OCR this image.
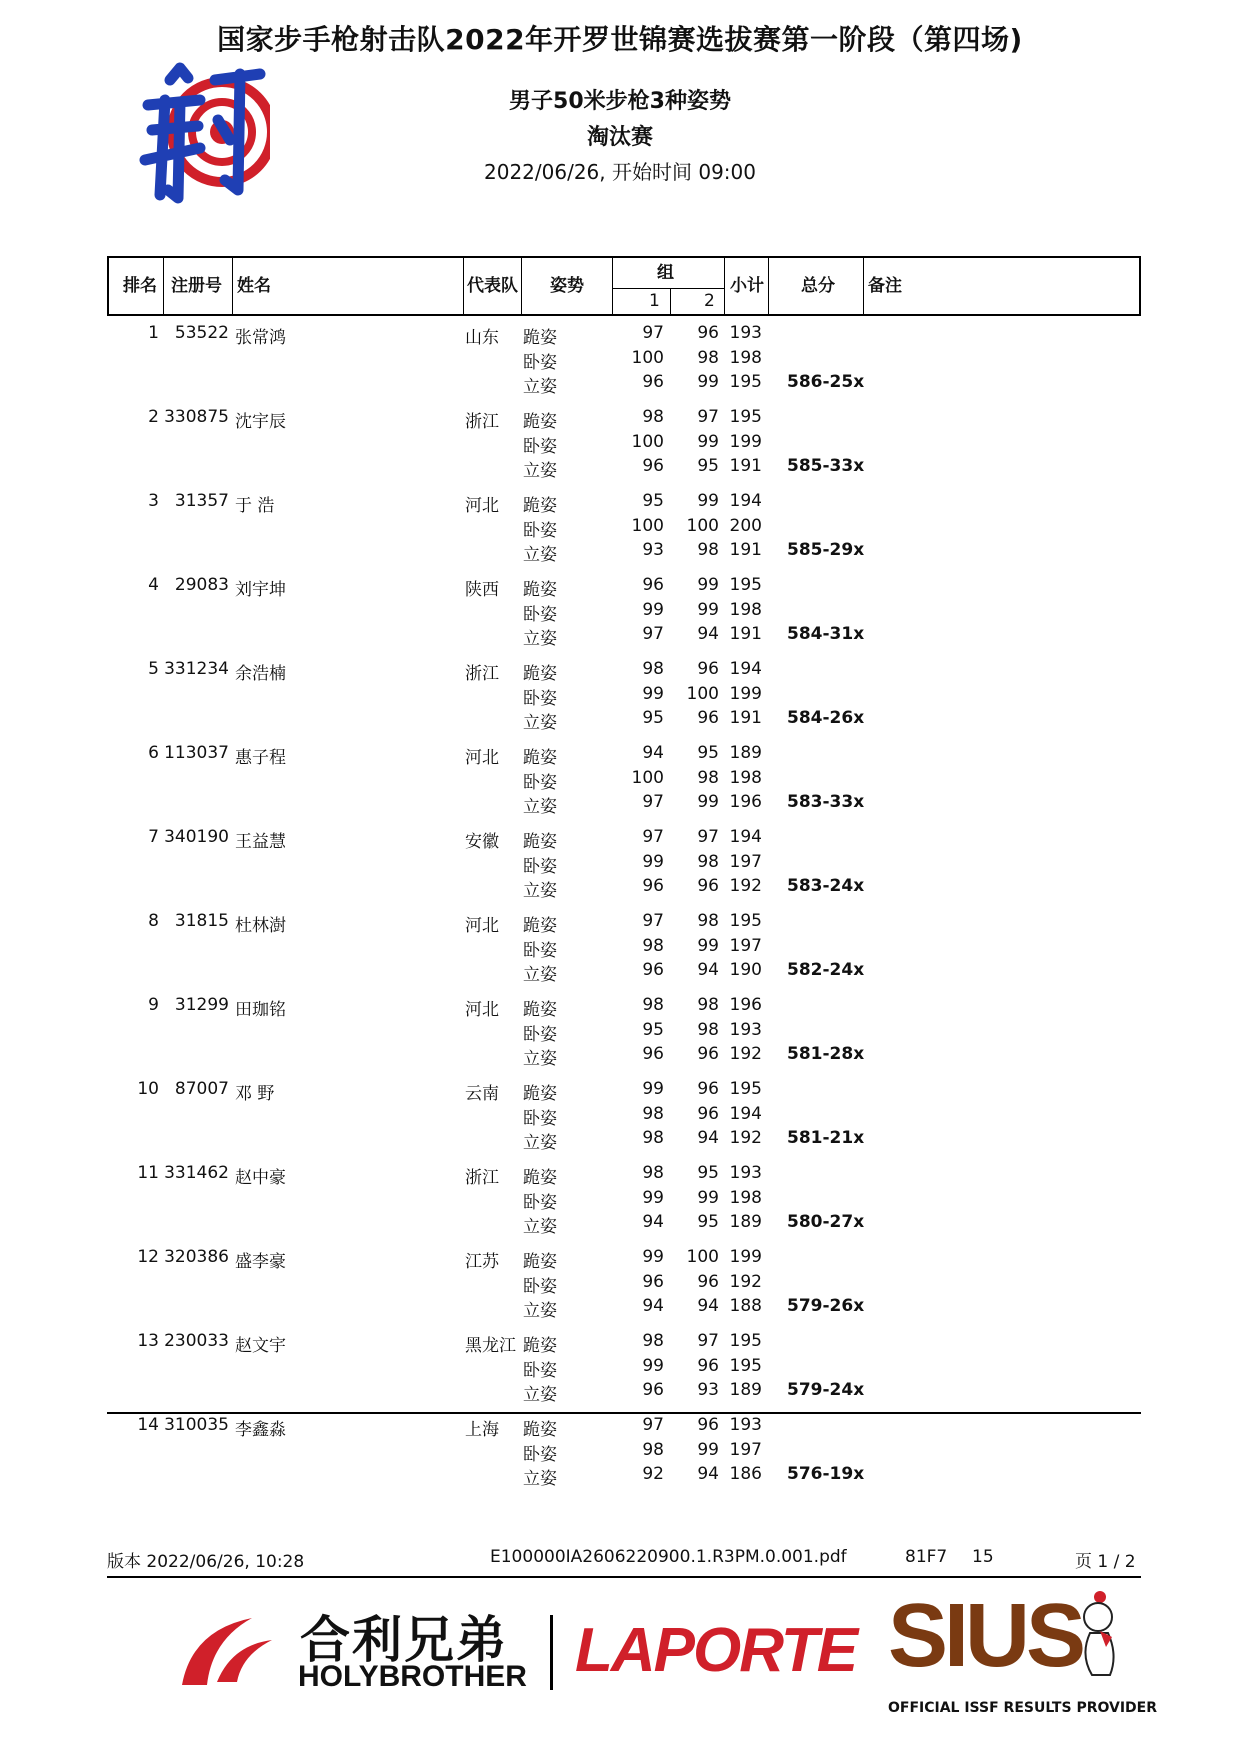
国家步手枪射击队2022年开罗世锦赛选拔赛第一阶段（第四场)
男子50米步枪3种姿势
淘汰赛
2022/06/26, 开始时间 09:00
排名 注册号 姓名	代表队 姿势
组
1	2
小计 总分 备注
1 53522 张常鸿	山东 跪姿	97 96 193
卧姿	100 98 198
立姿	96 99 195 586-25x
2 330875 沈宇辰	浙江 跪姿	98 97 195
卧姿	100 99 199
立姿	96 95 191 585-33x
3 31357 于 浩	河北 跪姿	95 99 194
卧姿	100 100 200
立姿	93 98 191 585-29x
4 29083 刘宇坤	陕西 跪姿	96 99 195
卧姿	99 99 198
立姿	97 94 191 584-31x
5 331234 余浩楠	浙江 跪姿	98 96 194
卧姿	99 100 199
立姿	95 96 191 584-26x
6 113037 惠子程	河北 跪姿	94 95 189
卧姿	100 98 198
立姿	97 99 196 583-33x
7 340190 王益慧	安徽 跪姿	97 97 194
卧姿	99 98 197
立姿	96 96 192 583-24x
8 31815 杜林澍	河北 跪姿	97 98 195
卧姿	98 99 197
立姿	96 94 190 582-24x
9 31299 田珈铭	河北 跪姿	98 98 196
卧姿	95 98 193
立姿	96 96 192 581-28x
10 87007 邓 野	云南 跪姿	99 96 195
卧姿	98 96 194
立姿	98 94 192 581-21x
11 331462 赵中豪	浙江 跪姿	98 95 193
卧姿	99 99 198
立姿	94 95 189 580-27x
12 320386 盛李豪	江苏 跪姿	99 100 199
卧姿	96 96 192
立姿	94 94 188 579-26x
13 230033 赵文宇	黑龙江 跪姿	98 97 195
卧姿	99 96 195
立姿	96 93 189 579-24x
14 310035 李鑫淼	上海 跪姿	97 96 193
卧姿	98 99 197
立姿	92 94 186 576-19x
版本 2022/06/26, 10:28	E100000IA2606220900.1.R3PM.0.001.pdf	81F7 15	页 1 / 2
合利兄弟
HOLYBROTHER LAPORTE SIUS
OFFICIAL ISSF RESULTS PROVIDER
